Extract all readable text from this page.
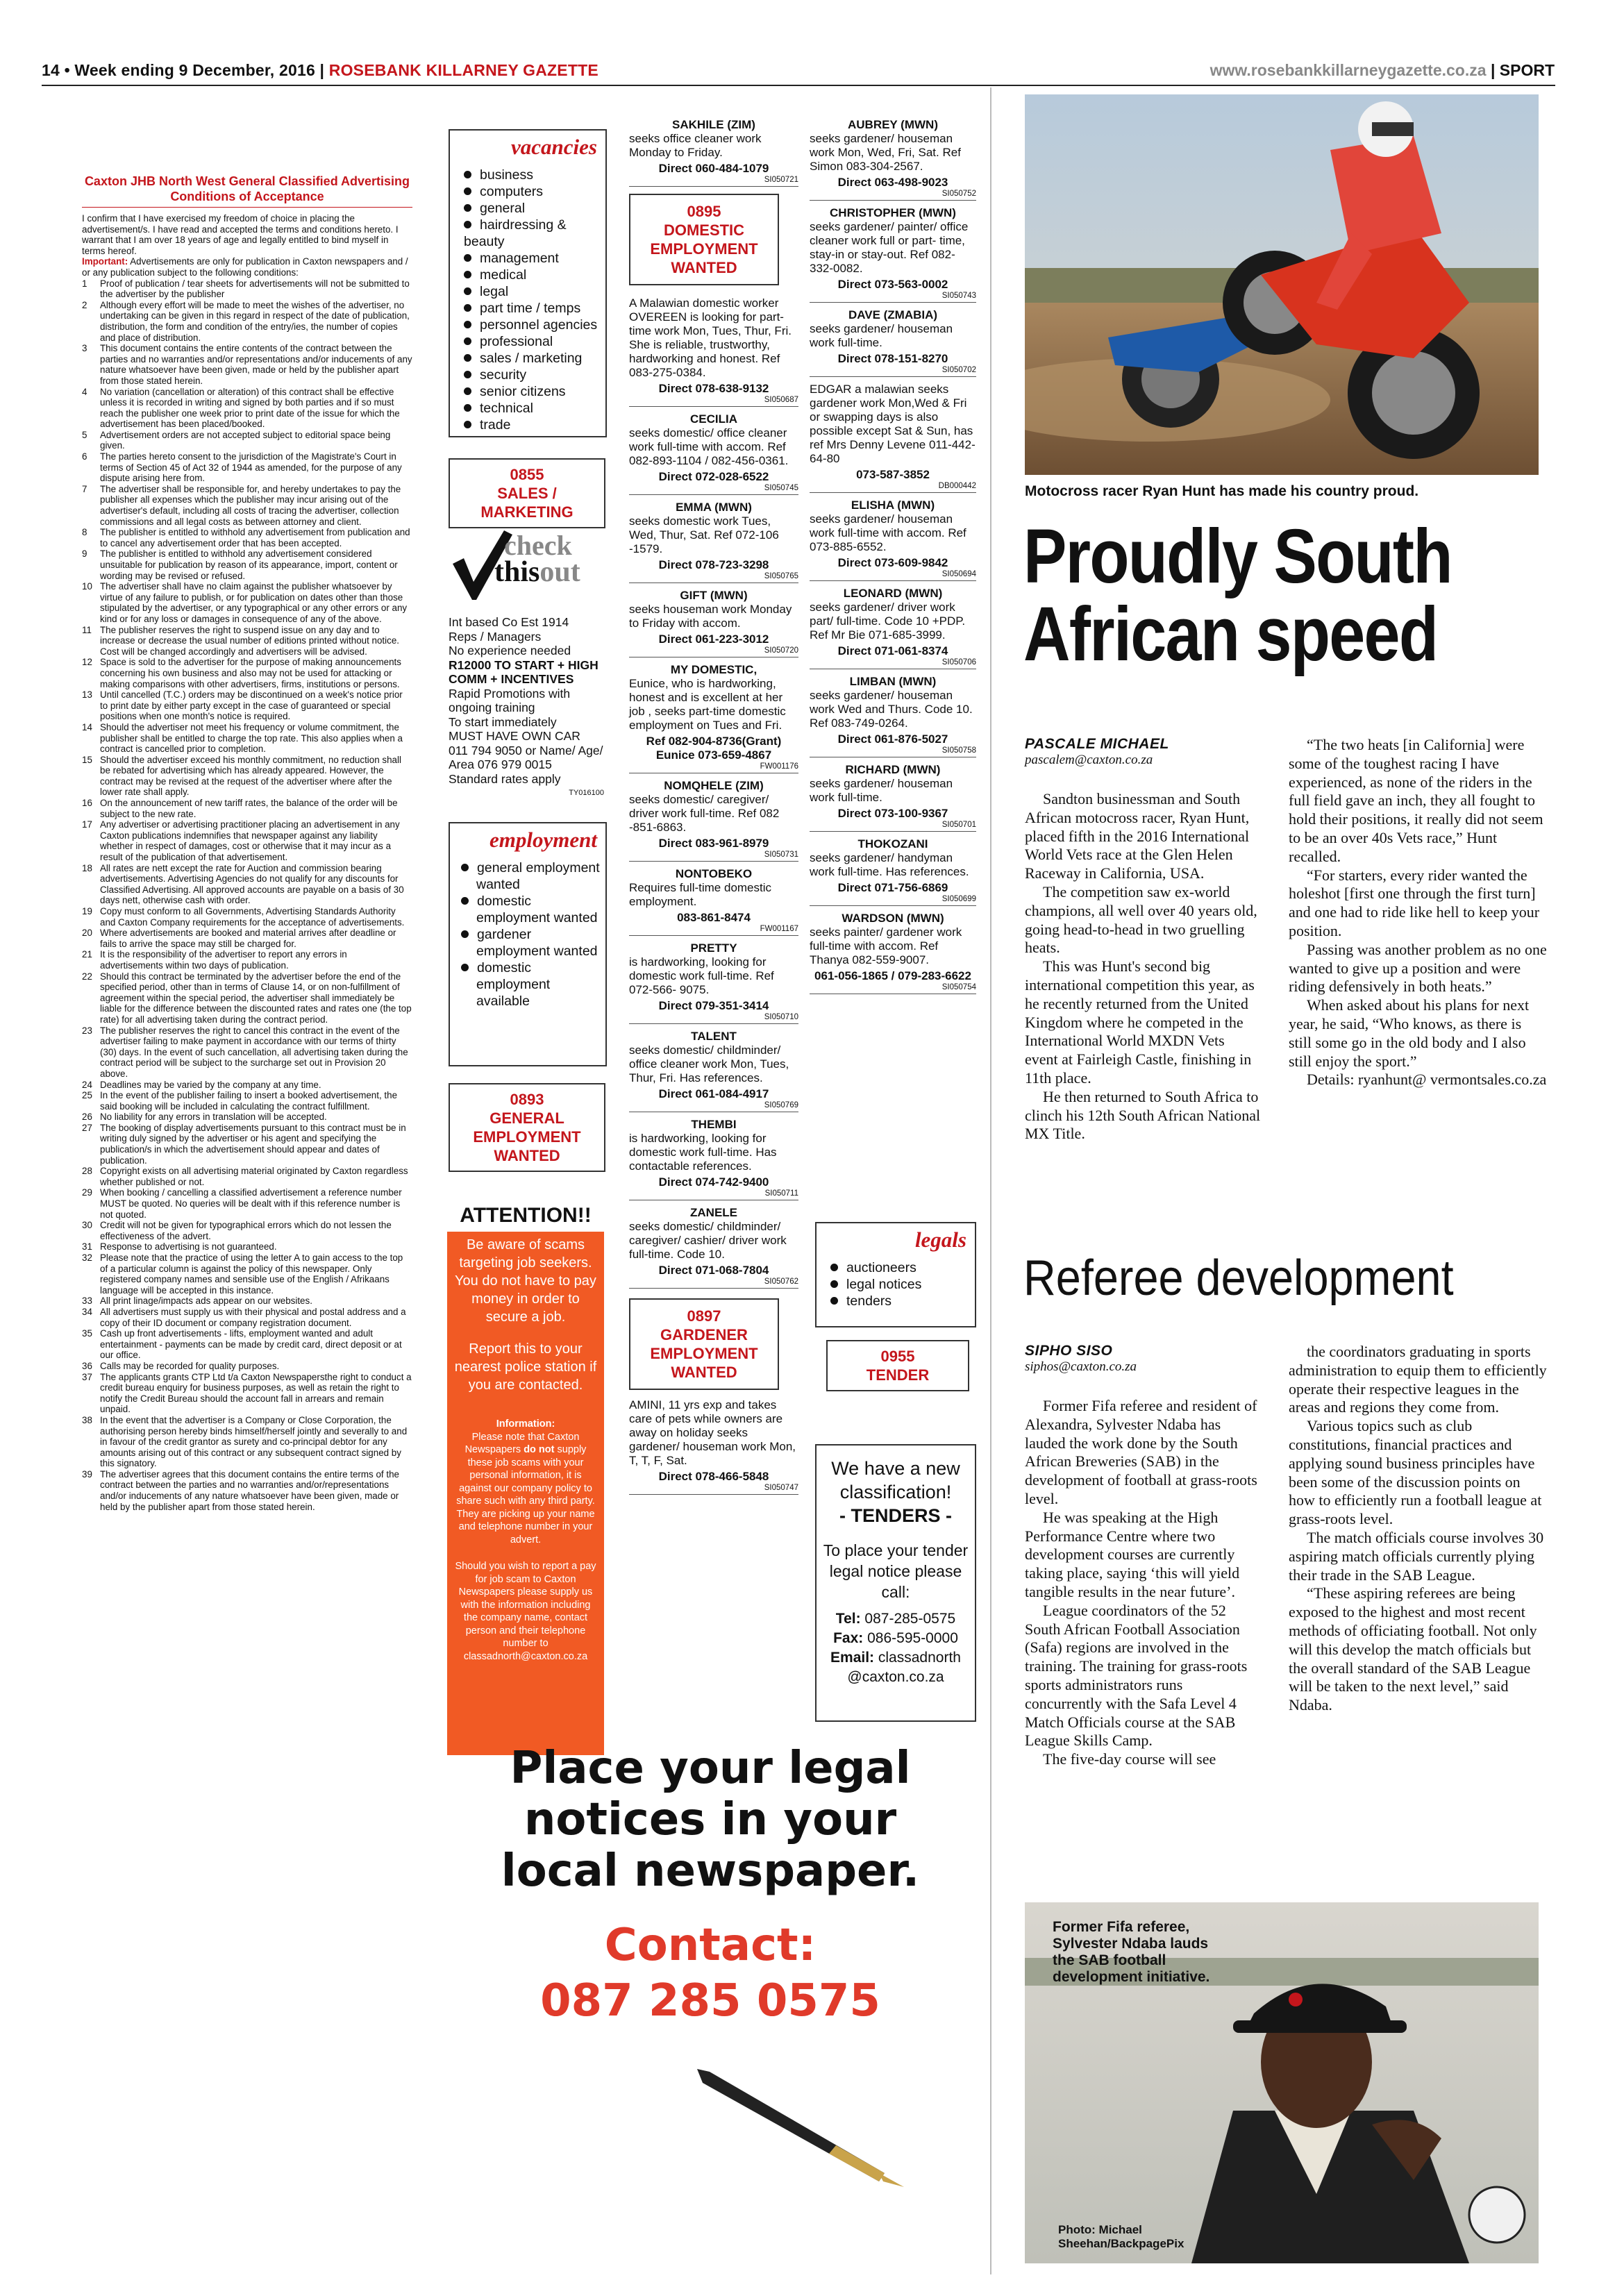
14 • Week ending 9 December, 2016 | ROSEBANK KILLARNEY GAZETTE	www.rosebankkillarneygazette.co.za | SPORT
Caxton JHB North West General Classified Advertising Conditions of Acceptance
I confirm that I have exercised my freedom of choice in placing the advertisement/s. I have read and accepted the terms and conditions hereto. I warrant that I am over 18 years of age and legally entitled to bind myself in terms hereof.
Important: Advertisements are only for publication in Caxton newspapers and / or any publication subject to the following conditions:
1 Proof of publication / tear sheets for advertisements will not be submitted to the advertiser by the publisher
2 Although every effort will be made to meet the wishes of the advertiser, no undertaking can be given in this regard in respect of the date of publication, distribution, the form and condition of the entry/ies, the number of copies and place of distribution.
3 This document contains the entire contents of the contract between the parties and no warranties and/or representations and/or inducements of any nature whatsoever have been given, made or held by the publisher apart from those stated herein.
4 No variation (cancellation or alteration) of this contract shall be effective unless it is recorded in writing and signed by both parties and if so must reach the publisher one week prior to print date of the issue for which the advertisement has been placed/booked.
5 Advertisement orders are not accepted subject to editorial space being given.
6 The parties hereto consent to the jurisdiction of the Magistrate's Court in terms of Section 45 of Act 32 of 1944 as amended, for the purpose of any dispute arising here from.
7 The advertiser shall be responsible for, and hereby undertakes to pay the publisher all expenses which the publisher may incur arising out of the advertiser's default, including all costs of tracing the advertiser, collection commissions and all legal costs as between attorney and client.
8 The publisher is entitled to withhold any advertisement from publication and to cancel any advertisement order that has been accepted.
9 The publisher is entitled to withhold any advertisement considered unsuitable for publication by reason of its appearance, import, content or wording may be revised or refused.
10 The advertiser shall have no claim against the publisher whatsoever by virtue of any failure to publish, or for publication on dates other than those stipulated by the advertiser, or any typographical or any other errors or any kind or for any loss or damages in consequence of any of the above.
11 The publisher reserves the right to suspend issue on any day and to increase or decrease the usual number of editions printed without notice. Cost will be changed accordingly and advertisers will be advised.
12 Space is sold to the advertiser for the purpose of making announcements concerning his own business and also may not be used for attacking or making comparisons with other advertisers, firms, institutions or persons.
13 Until cancelled (T.C.) orders may be discontinued on a week's notice prior to print date by either party except in the case of guaranteed or special positions when one month's notice is required.
14 Should the advertiser not meet his frequency or volume commitment, the publisher shall be entitled to charge the top rate. This also applies when a contract is cancelled prior to completion.
15 Should the advertiser exceed his monthly commitment, no reduction shall be rebated for advertising which has already appeared. However, the contract may be revised at the request of the advertiser where after the lower rate shall apply.
16 On the announcement of new tariff rates, the balance of the order will be subject to the new rate.
17 Any advertiser or advertising practitioner placing an advertisement in any Caxton publications indemnifies that newspaper against any liability whether in respect of damages, cost or otherwise that it may incur as a result of the publication of that advertisement.
18 All rates are nett except the rate for Auction and commission bearing advertisements. Advertising Agencies do not qualify for any discounts for Classified Advertising. All approved accounts are payable on a basis of 30 days nett, otherwise cash with order.
19 Copy must conform to all Governments, Advertising Standards Authority and Caxton Company requirements for the acceptance of advertisements.
20 Where advertisements are booked and material arrives after deadline or fails to arrive the space may still be charged for.
21 It is the responsibility of the advertiser to report any errors in advertisements within two days of publication.
22 Should this contract be terminated by the advertiser before the end of the specified period, other than in terms of Clause 14, or on non-fulfillment of agreement within the special period, the advertiser shall immediately be liable for the difference between the discounted rates and rates one (the top rate) for all advertising taken during the contract period.
23 The publisher reserves the right to cancel this contract in the event of the advertiser failing to make payment in accordance with our terms of thirty (30) days. In the event of such cancellation, all advertising taken during the contract period will be subject to the surcharge set out in Provision 20 above.
24 Deadlines may be varied by the company at any time.
25 In the event of the publisher failing to insert a booked advertisement, the said booking will be included in calculating the contract fulfillment.
26 No liability for any errors in translation will be accepted.
27 The booking of display advertisements pursuant to this contract must be in writing duly signed by the advertiser or his agent and specifying the publication/s in which the advertisement should appear and dates of publication.
28 Copyright exists on all advertising material originated by Caxton regardless whether published or not.
29 When booking / cancelling a classified advertisement a reference number MUST be quoted. No queries will be dealt with if this reference number is not quoted.
30 Credit will not be given for typographical errors which do not lessen the effectiveness of the advert.
31 Response to advertising is not guaranteed.
32 Please note that the practice of using the letter A to gain access to the top of a particular column is against the policy of this newspaper. Only registered company names and sensible use of the English / Afrikaans language will be accepted in this instance.
33 All print linage/impacts ads appear on our websites.
34 All advertisers must supply us with their physical and postal address and a copy of their ID document or company registration document.
35 Cash up front advertisements - lifts, employment wanted and adult entertainment - payments can be made by credit card, direct deposit or at our office.
36 Calls may be recorded for quality purposes.
37 The applicants grants CTP Ltd t/a Caxton Newspapersthe right to conduct a credit bureau enquiry for business purposes, as well as retain the right to notify the Credit Bureau should the account fall in arrears and remain unpaid.
38 In the event that the advertiser is a Company or Close Corporation, the authorising person hereby binds himself/herself jointly and severally to and in favour of the credit grantor as surety and co-principal debtor for any amounts arising out of this contract or any subsequent contract signed by this signatory.
39 The advertiser agrees that this document contains the entire terms of the contract between the parties and no warranties and/or/representations and/or inducements of any nature whatsoever have been given, made or held by the publisher apart from those stated herein.
vacancies
business
computers
general
hairdressing & beauty
management
medical
legal
part time / temps
personnel agencies
professional
sales / marketing
security
senior citizens
technical
trade
0855
SALES / MARKETING
check
thisout
Int based Co Est 1914
Reps / Managers
No experience needed
R12000 TO START + HIGH COMM + INCENTIVES
Rapid Promotions with ongoing training
To start immediately
MUST HAVE OWN CAR
011 794 9050 or Name/ Age/
Area 076 979 0015
Standard rates apply
TY016100
employment
general employment wanted
domestic employment wanted
gardener employment wanted
domestic employment available
0893
GENERAL EMPLOYMENT WANTED
ATTENTION!!
Be aware of scams targeting job seekers. You do not have to pay money in order to secure a job.
Report this to your nearest police station if you are contacted.
Information:
Please note that Caxton Newspapers do not supply these job scams with your personal information, it is against our company policy to share such with any third party. They are picking up your name and telephone number in your advert.
Should you wish to report a pay for job scam to Caxton Newspapers please supply us with the information including the company name, contact person and their telephone number to classadnorth@caxton.co.za
SAKHILE (ZIM)
seeks office cleaner work Monday to Friday.
Direct 060-484-1079
SI050721
0895
DOMESTIC EMPLOYMENT WANTED
A Malawian domestic worker OVEREEN is looking for part-time work Mon, Tues, Thur, Fri. She is reliable, trustworthy, hardworking and honest. Ref 083-275-0384.
Direct 078-638-9132
SI050687
CECILIA
seeks domestic/ office cleaner work full-time with accom. Ref 082-893-1104 / 082-456-0361.
Direct 072-028-6522
SI050745
EMMA (MWN)
seeks domestic work Tues, Wed, Thur, Sat. Ref 072-106 -1579.
Direct 078-723-3298
SI050765
GIFT (MWN)
seeks houseman work Monday to Friday with accom.
Direct 061-223-3012
SI050720
MY DOMESTIC,
Eunice, who is hardworking, honest and is excellent at her job , seeks part-time domestic employment on Tues and Fri.
Ref 082-904-8736(Grant) Eunice 073-659-4867
FW001176
NOMQHELE (ZIM)
seeks domestic/ caregiver/ driver work full-time. Ref 082 -851-6863.
Direct 083-961-8979
SI050731
NONTOBEKO
Requires full-time domestic employment.
083-861-8474
FW001167
PRETTY
is hardworking, looking for domestic work full-time. Ref 072-566- 9075.
Direct 079-351-3414
SI050710
TALENT
seeks domestic/ childminder/ office cleaner work Mon, Tues, Thur, Fri. Has references.
Direct 061-084-4917
SI050769
THEMBI
is hardworking, looking for domestic work full-time. Has contactable references.
Direct 074-742-9400
SI050711
ZANELE
seeks domestic/ childminder/ caregiver/ cashier/ driver work full-time. Code 10.
Direct 071-068-7804
SI050762
0897
GARDENER EMPLOYMENT WANTED
AMINI, 11 yrs exp and takes care of pets while owners are away on holiday seeks gardener/ houseman work Mon, T, T, F, Sat.
Direct 078-466-5848
SI050747
AUBREY (MWN)
seeks gardener/ houseman work Mon, Wed, Fri, Sat. Ref Simon 083-304-2567.
Direct 063-498-9023
SI050752
CHRISTOPHER (MWN)
seeks gardener/ painter/ office cleaner work full or part- time, stay-in or stay-out. Ref 082-332-0082.
Direct 073-563-0002
SI050743
DAVE (ZMABIA)
seeks gardener/ houseman work full-time.
Direct 078-151-8270
SI050702
EDGAR a malawian seeks gardener work Mon,Wed & Fri or swapping days is also possible except Sat & Sun, has ref Mrs Denny Levene 011-442-64-80
073-587-3852
DB000442
ELISHA (MWN)
seeks gardener/ houseman work full-time with accom. Ref 073-885-6552.
Direct 073-609-9842
SI050694
LEONARD (MWN)
seeks gardener/ driver work part/ full-time. Code 10 +PDP. Ref Mr Bie 071-685-3999.
Direct 071-061-8374
SI050706
LIMBAN (MWN)
seeks gardener/ houseman work Wed and Thurs. Code 10. Ref 083-749-0264.
Direct 061-876-5027
SI050758
RICHARD (MWN)
seeks gardener/ houseman work full-time.
Direct 073-100-9367
SI050701
THOKOZANI
seeks gardener/ handyman work full-time. Has references.
Direct 071-756-6869
SI050699
WARDSON (MWN)
seeks painter/ gardener work full-time with accom. Ref Thanya 082-559-9007.
061-056-1865 / 079-283-6622
SI050754
legals
auctioneers
legal notices
tenders
0955
TENDER
We have a new classification!
- TENDERS -
To place your tender legal notice please call:
Tel: 087-285-0575
Fax: 086-595-0000
Email: classadnorth @caxton.co.za
Place your legal
notices in your
local newspaper.
Contact:
087 285 0575
Motocross racer Ryan Hunt has made his country proud.
Proudly South
African speed
PASCALE MICHAEL
pascalem@caxton.co.za

Sandton businessman and South African motocross racer, Ryan Hunt, placed fifth in the 2016 International World Vets race at the Glen Helen Raceway in California, USA.

The competition saw ex-world champions, all well over 40 years old, going head-to-head in two gruelling heats.

This was Hunt's second big international competition this year, as he recently returned from the United Kingdom where he competed in the International World MXDN Vets event at Fairleigh Castle, finishing in 11th place.

He then returned to South Africa to clinch his 12th South African National MX Title.

“The two heats [in California] were some of the toughest racing I have experienced, as none of the riders in the full field gave an inch, they all fought to hold their positions, it really did not seem to be an over 40s Vets race,” Hunt recalled.

“For starters, every rider wanted the holeshot [first one through the first turn] and one had to ride like hell to keep your position.

Passing was another problem as no one wanted to give up a position and were riding defensively in both heats.”

When asked about his plans for next year, he said, “Who knows, as there is still some go in the old body and I also still enjoy the sport.”

Details: ryanhunt@ vermontsales.co.za

Referee development
SIPHO SISO
siphos@caxton.co.za

Former Fifa referee and resident of Alexandra, Sylvester Ndaba has lauded the work done by the South African Breweries (SAB) in the development of football at grass-roots level.

He was speaking at the High Performance Centre where two development courses are currently taking place, saying ‘this will yield tangible results in the near future’.

League coordinators of the 52 South African Football Association (Safa) regions are involved in the training. The training for grass-roots sports administrators runs concurrently with the Safa Level 4 Match Officials course at the SAB League Skills Camp.

The five-day course will see

the coordinators graduating in sports administration to equip them to efficiently operate their respective leagues in the areas and regions they come from.

Various topics such as club constitutions, financial practices and applying sound business principles have been some of the discussion points on how to efficiently run a football league at grass-roots level.

The match officials course involves 30 aspiring match officials currently plying their trade in the SAB League.

“These aspiring referees are being exposed to the highest and most recent methods of officiating football. Not only will this develop the match officials but the overall standard of the SAB League will be taken to the next level,” said Ndaba.

Former Fifa referee, Sylvester Ndaba lauds the SAB football development initiative.
Photo: Michael Sheehan/BackpagePix
